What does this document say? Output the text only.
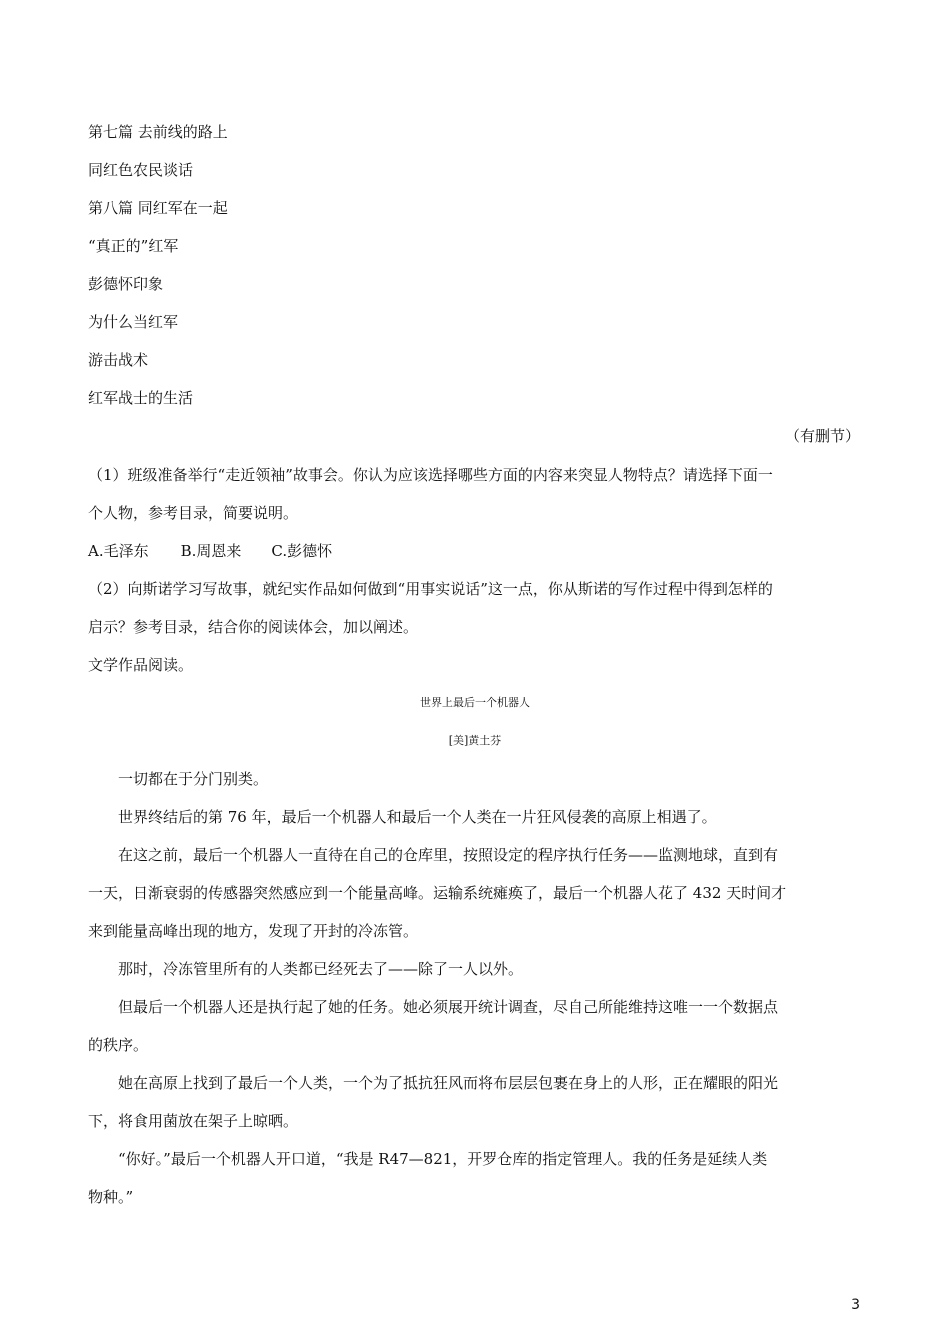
第七篇 去前线的路上

同红色农民谈话

第八篇 同红军在一起

“真正的”红军

彭德怀印象

为什么当红军

游击战术

红军战士的生活

（有删节）

（1）班级准备举行“走近领袖”故事会。你认为应该选择哪些方面的内容来突显人物特点？请选择下面一

个人物，参考目录，简要说明。

A.毛泽东 B.周恩来 C.彭德怀

（2）向斯诺学习写故事，就纪实作品如何做到“用事实说话”这一点，你从斯诺的写作过程中得到怎样的

启示？参考目录，结合你的阅读体会，加以阐述。

文学作品阅读。

世界上最后一个机器人

[美]黄土芬

一切都在于分门别类。

世界终结后的第 76 年，最后一个机器人和最后一个人类在一片狂风侵袭的高原上相遇了。

在这之前，最后一个机器人一直待在自己的仓库里，按照设定的程序执行任务——监测地球，直到有

一天，日渐衰弱的传感器突然感应到一个能量高峰。运输系统瘫痪了，最后一个机器人花了 432 天时间才

来到能量高峰出现的地方，发现了开封的冷冻管。

那时，冷冻管里所有的人类都已经死去了——除了一人以外。

但最后一个机器人还是执行起了她的任务。她必须展开统计调查，尽自己所能维持这唯一一个数据点

的秩序。

她在高原上找到了最后一个人类，一个为了抵抗狂风而将布层层包裹在身上的人形，正在耀眼的阳光

下，将食用菌放在架子上晾晒。

“你好。”最后一个机器人开口道，“我是 R47—821，开罗仓库的指定管理人。我的任务是延续人类

物种。”

3
